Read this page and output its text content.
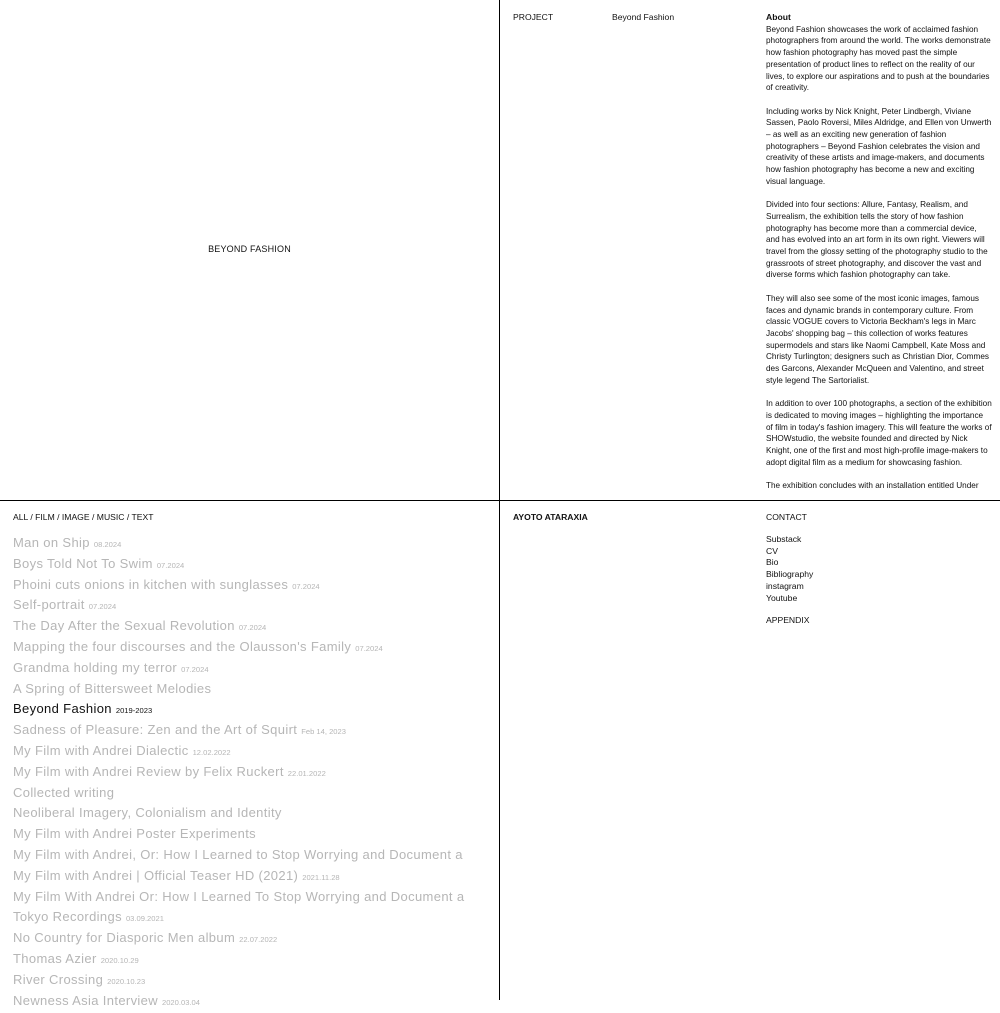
BEYOND FASHION
PROJECT	Beyond Fashion	About

Beyond Fashion showcases the work of acclaimed fashion photographers from around the world. The works demonstrate how fashion photography has moved past the simple presentation of product lines to reflect on the reality of our lives, to explore our aspirations and to push at the boundaries of creativity.

Including works by Nick Knight, Peter Lindbergh, Viviane Sassen, Paolo Roversi, Miles Aldridge, and Ellen von Unwerth – as well as an exciting new generation of fashion photographers – Beyond Fashion celebrates the vision and creativity of these artists and image-makers, and documents how fashion photography has become a new and exciting visual language.

Divided into four sections: Allure, Fantasy, Realism, and Surrealism, the exhibition tells the story of how fashion photography has become more than a commercial device, and has evolved into an art form in its own right. Viewers will travel from the glossy setting of the photography studio to the grassroots of street photography, and discover the vast and diverse forms which fashion photography can take.

They will also see some of the most iconic images, famous faces and dynamic brands in contemporary culture. From classic VOGUE covers to Victoria Beckham's legs in Marc Jacobs' shopping bag – this collection of works features supermodels and stars like Naomi Campbell, Kate Moss and Christy Turlington; designers such as Christian Dior, Commes des Garcons, Alexander McQueen and Valentino, and street style legend The Sartorialist.

In addition to over 100 photographs, a section of the exhibition is dedicated to moving images – highlighting the importance of film in today's fashion imagery. This will feature the works of SHOWstudio, the website founded and directed by Nick Knight, one of the first and most high-profile image-makers to adopt digital film as a medium for showcasing fashion.

The exhibition concludes with an installation entitled Under

ALL / FILM / IMAGE / MUSIC / TEXT
Man on Ship 08.2024
Boys Told Not To Swim 07.2024
Phoini cuts onions in kitchen with sunglasses 07.2024
Self-portrait 07.2024
The Day After the Sexual Revolution 07.2024
Mapping the four discourses and the Olausson's Family 07.2024
Grandma holding my terror 07.2024
A Spring of Bittersweet Melodies
Beyond Fashion 2019-2023
Sadness of Pleasure: Zen and the Art of Squirt Feb 14, 2023
My Film with Andrei Dialectic 12.02.2022
My Film with Andrei Review by Felix Ruckert 22.01.2022
Collected writing
Neoliberal Imagery, Colonialism and Identity
My Film with Andrei Poster Experiments
My Film with Andrei, Or: How I Learned to Stop Worrying and Document a
My Film with Andrei | Official Teaser HD (2021) 2021.11.28
My Film With Andrei Or: How I Learned To Stop Worrying and Document a
Tokyo Recordings 03.09.2021
No Country for Diasporic Men album 22.07.2022
Thomas Azier 2020.10.29
River Crossing 2020.10.23
Newness Asia Interview 2020.03.04
AYOTO ATARAXIA	CONTACT
Substack
CV
Bio
Bibliography
instagram
Youtube
APPENDIX
